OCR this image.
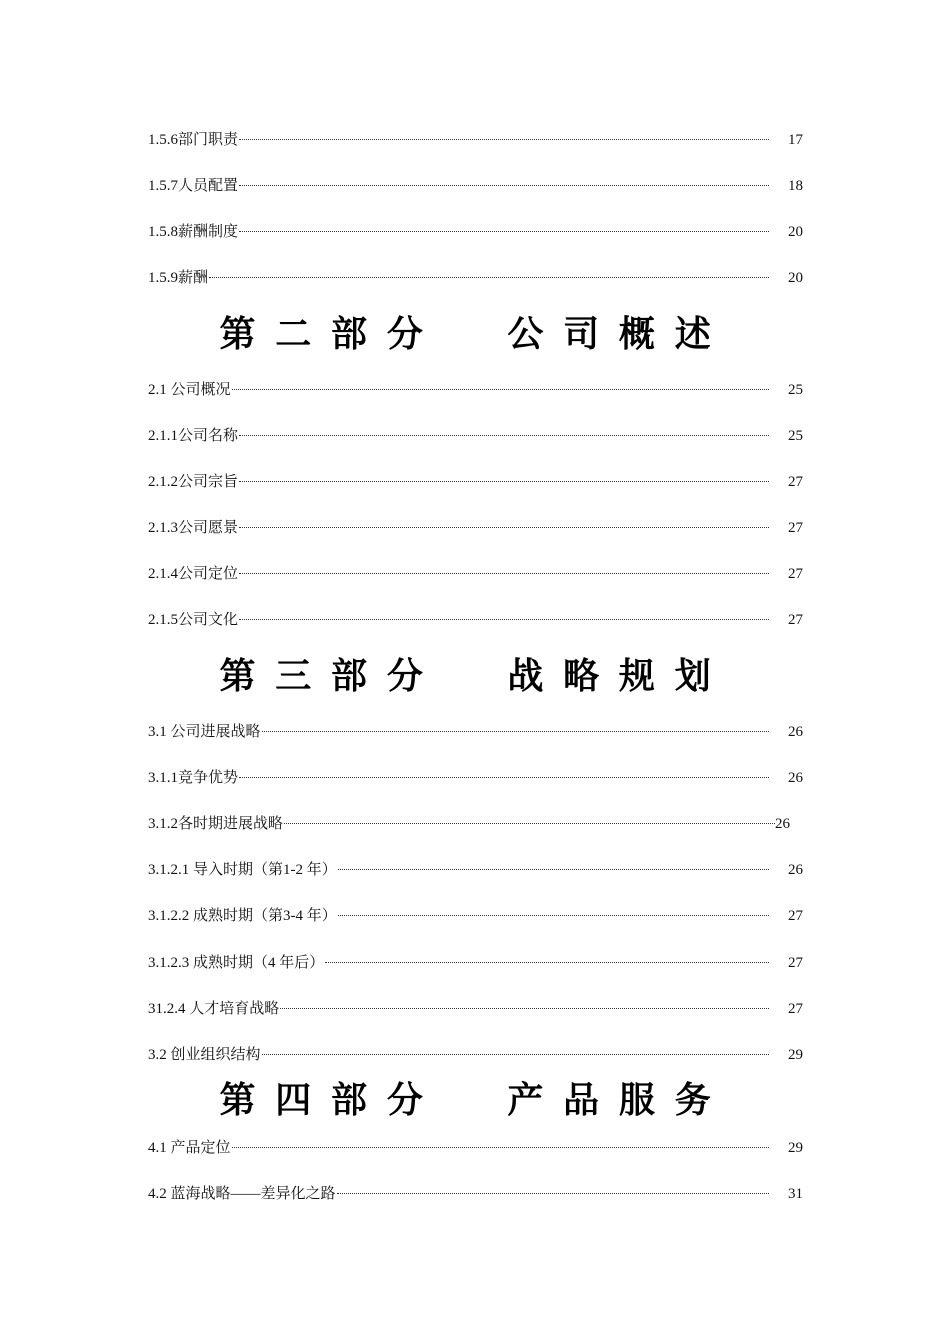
1.5.6部门职责	17
1.5.7人员配置	18
1.5.8薪酬制度	20
1.5.9薪酬	20
第二部分  公司概述
2.1 公司概况	25
2.1.1公司名称	25
2.1.2公司宗旨	27
2.1.3公司愿景	27
2.1.4公司定位	27
2.1.5公司文化	27
第三部分  战略规划
3.1 公司进展战略	26
3.1.1竞争优势	26
3.1.2各时期进展战略	26
3.1.2.1 导入时期（第1-2 年）	26
3.1.2.2 成熟时期（第3-4 年）	27
3.1.2.3 成熟时期（4 年后）	27
31.2.4 人才培育战略	27
3.2 创业组织结构	29
第四部分  产品服务
4.1 产品定位	29
4.2 蓝海战略——差异化之路	31
